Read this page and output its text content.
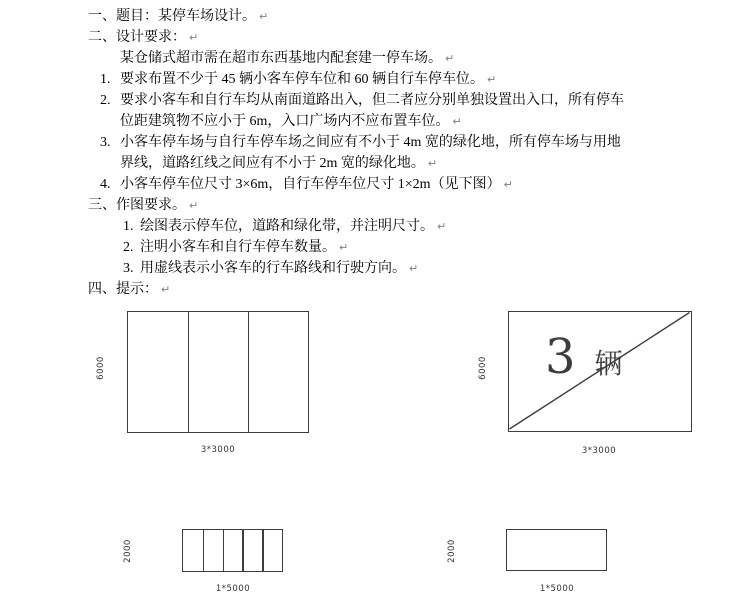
一、题目：某停车场设计。 ↵
二、设计要求： ↵
某仓储式超市需在超市东西基地内配套建一停车场。 ↵
1. 要求布置不少于 45 辆小客车停车位和 60 辆自行车停车位。 ↵
2. 要求小客车和自行车均从南面道路出入，但二者应分别单独设置出入口，所有停车
位距建筑物不应小于 6m，入口广场内不应布置车位。 ↵
3. 小客车停车场与自行车停车场之间应有不小于 4m 宽的绿化地，所有停车场与用地
界线，道路红线之间应有不小于 2m 宽的绿化地。 ↵
4. 小客车停车位尺寸 3×6m，自行车停车位尺寸 1×2m（见下图） ↵
三、作图要求。 ↵
1. 绘图表示停车位，道路和绿化带，并注明尺寸。 ↵
2. 注明小客车和自行车停车数量。 ↵
3. 用虚线表示小客车的行车路线和行驶方向。 ↵
四、提示： ↵
6000
3*3000
3 辆
6000
3*3000
2000
1*5000
2000
1*5000
